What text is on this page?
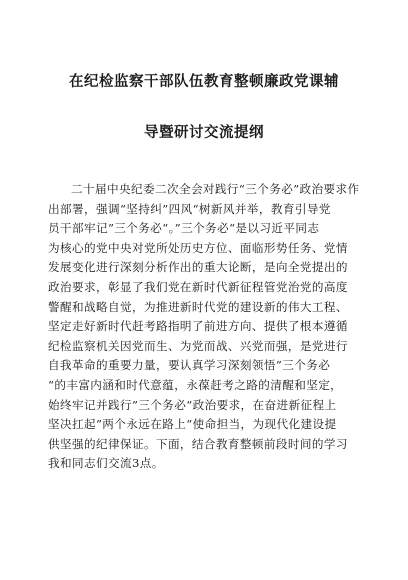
在纪检监察干部队伍教育整顿廉政党课辅
导暨研讨交流提纲
二十届中央纪委二次全会对践行“三个务必”政治要求作
出部署，强调“坚持纠”四风“树新风并举，教育引导党
员干部牢记”三个务必“。”三个务必“是以习近平同志
为核心的党中央对党所处历史方位、面临形势任务、党情
发展变化进行深刻分析作出的重大论断，是向全党提出的
政治要求，彰显了我们党在新时代新征程管党治党的高度
警醒和战略自觉，为推进新时代党的建设新的伟大工程、
坚定走好新时代赶考路指明了前进方向、提供了根本遵循
纪检监察机关因党而生、为党而战、兴党而强，是党进行
自我革命的重要力量，要认真学习深刻领悟”三个务必
“的丰富内涵和时代意蕴，永葆赶考之路的清醒和坚定，
始终牢记并践行”三个务必“政治要求，在奋进新征程上
坚决扛起”两个永远在路上“使命担当，为现代化建设提
供坚强的纪律保证。下面，结合教育整顿前段时间的学习
我和同志们交流3点。
